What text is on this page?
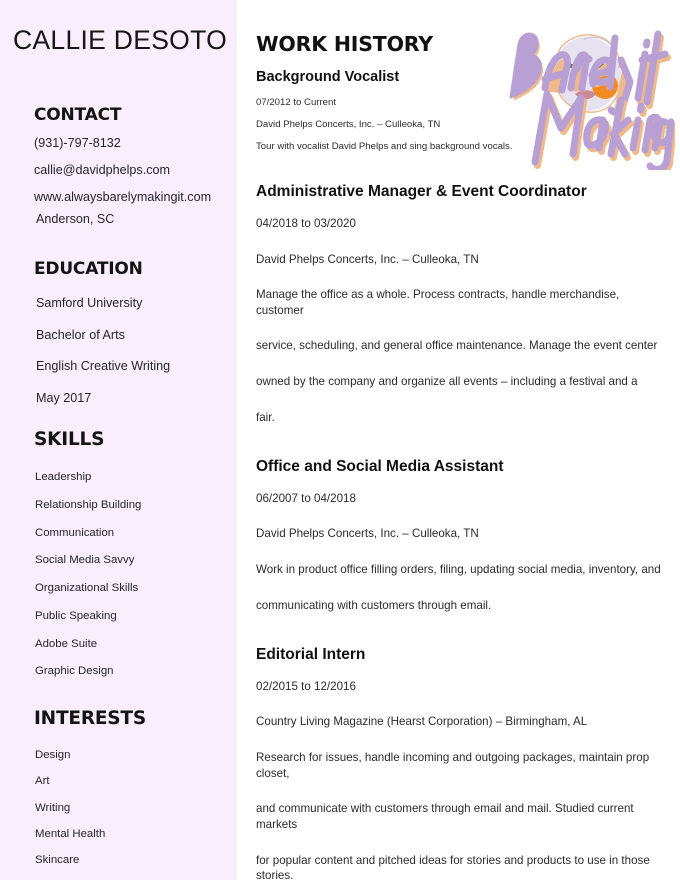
CALLIE DESOTO
CONTACT
(931)-797-8132
callie@davidphelps.com
www.alwaysbarelymakingit.com
Anderson, SC
EDUCATION
Samford University
Bachelor of Arts
English Creative Writing
May 2017
SKILLS
Leadership
Relationship Building
Communication
Social Media Savvy
Organizational Skills
Public Speaking
Adobe Suite
Graphic Design
INTERESTS
Design
Art
Writing
Mental Health
Skincare
WORK HISTORY
Background Vocalist

07/2012 to Current

David Phelps Concerts, Inc. – Culleoka, TN

Tour with vocalist David Phelps and sing background vocals.

Administrative Manager & Event Coordinator

04/2018 to 03/2020

David Phelps Concerts, Inc. – Culleoka, TN

Manage the office as a whole. Process contracts, handle merchandise, customer

service, scheduling, and general office maintenance. Manage the event center

owned by the company and organize all events – including a festival and a

fair.

Office and Social Media Assistant

06/2007 to 04/2018

David Phelps Concerts, Inc. – Culleoka, TN

Work in product office filling orders, filing, updating social media, inventory, and

communicating with customers through email.

Editorial Intern

02/2015 to 12/2016

Country Living Magazine (Hearst Corporation) – Birmingham, AL

Research for issues, handle incoming and outgoing packages, maintain prop closet,

and communicate with customers through email and mail. Studied current markets

for popular content and pitched ideas for stories and products to use in those stories.
